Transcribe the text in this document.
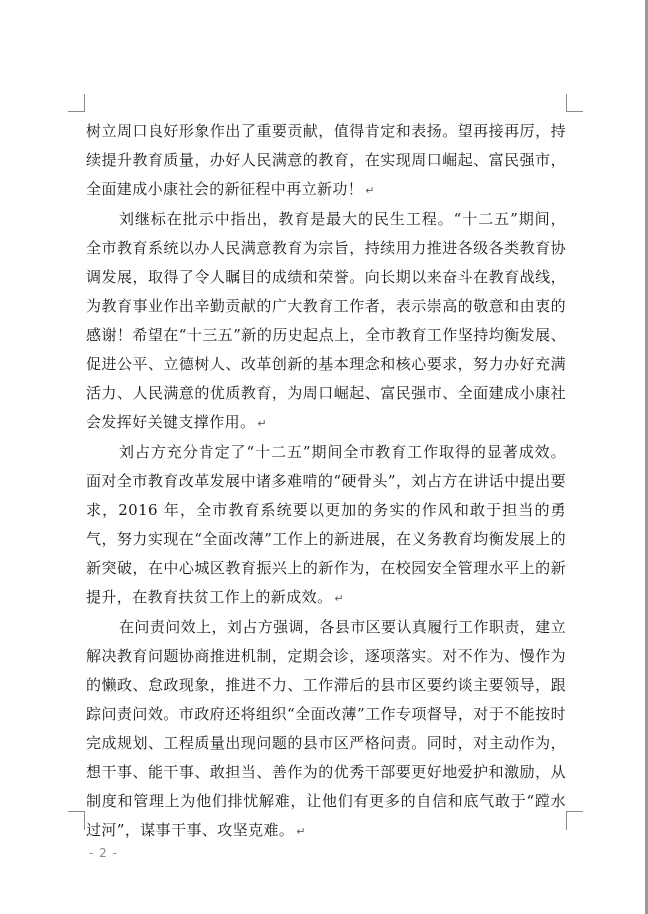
树立周口良好形象作出了重要贡献，值得肯定和表扬。望再接再厉，持续提升教育质量，办好人民满意的教育，在实现周口崛起、富民强市，全面建成小康社会的新征程中再立新功！ ↵

刘继标在批示中指出，教育是最大的民生工程。“十二五”期间，全市教育系统以办人民满意教育为宗旨，持续用力推进各级各类教育协调发展，取得了令人瞩目的成绩和荣誉。向长期以来奋斗在教育战线，为教育事业作出辛勤贡献的广大教育工作者，表示崇高的敬意和由衷的感谢！希望在“十三五”新的历史起点上，全市教育工作坚持均衡发展、促进公平、立德树人、改革创新的基本理念和核心要求，努力办好充满活力、人民满意的优质教育，为周口崛起、富民强市、全面建成小康社会发挥好关键支撑作用。 ↵

刘占方充分肯定了“十二五”期间全市教育工作取得的显著成效。面对全市教育改革发展中诸多难啃的“硬骨头”，刘占方在讲话中提出要求，2016 年，全市教育系统要以更加的务实的作风和敢于担当的勇气，努力实现在“全面改薄”工作上的新进展，在义务教育均衡发展上的新突破，在中心城区教育振兴上的新作为，在校园安全管理水平上的新提升，在教育扶贫工作上的新成效。 ↵

在问责问效上，刘占方强调，各县市区要认真履行工作职责，建立解决教育问题协商推进机制，定期会诊，逐项落实。对不作为、慢作为的懒政、怠政现象，推进不力、工作滞后的县市区要约谈主要领导，跟踪问责问效。市政府还将组织“全面改薄”工作专项督导，对于不能按时完成规划、工程质量出现问题的县市区严格问责。同时，对主动作为，想干事、能干事、敢担当、善作为的优秀干部要更好地爱护和激励，从制度和管理上为他们排忧解难，让他们有更多的自信和底气敢于“蹚水过河”，谋事干事、攻坚克难。 ↵

- 2 -
